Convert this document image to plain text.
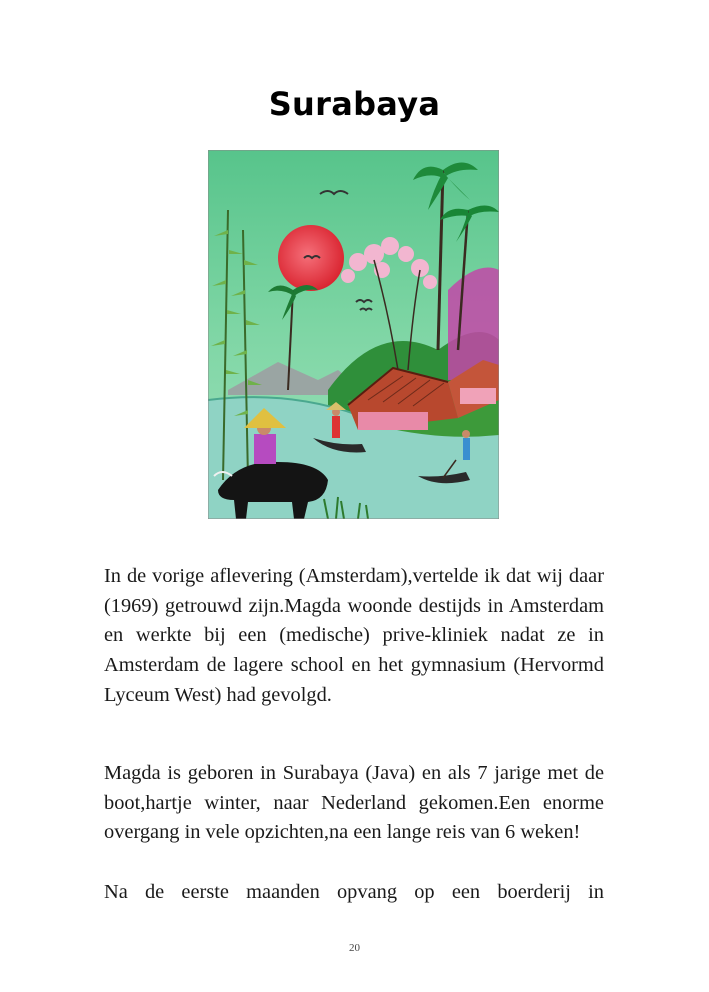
Surabaya

In de vorige aflevering (Amsterdam),vertelde ik dat wij daar (1969) getrouwd zijn.Magda woonde destijds in Amsterdam en werkte bij een (medische) prive-kliniek nadat ze in Amsterdam de lagere school en het gymnasium (Hervormd Lyceum West) had gevolgd.

Magda is geboren in Surabaya (Java) en als 7 jarige met de boot,hartje winter, naar Nederland gekomen.Een enorme overgang in vele opzichten,na een lange reis van 6 weken!

Na de eerste maanden opvang op een boerderij in

20
